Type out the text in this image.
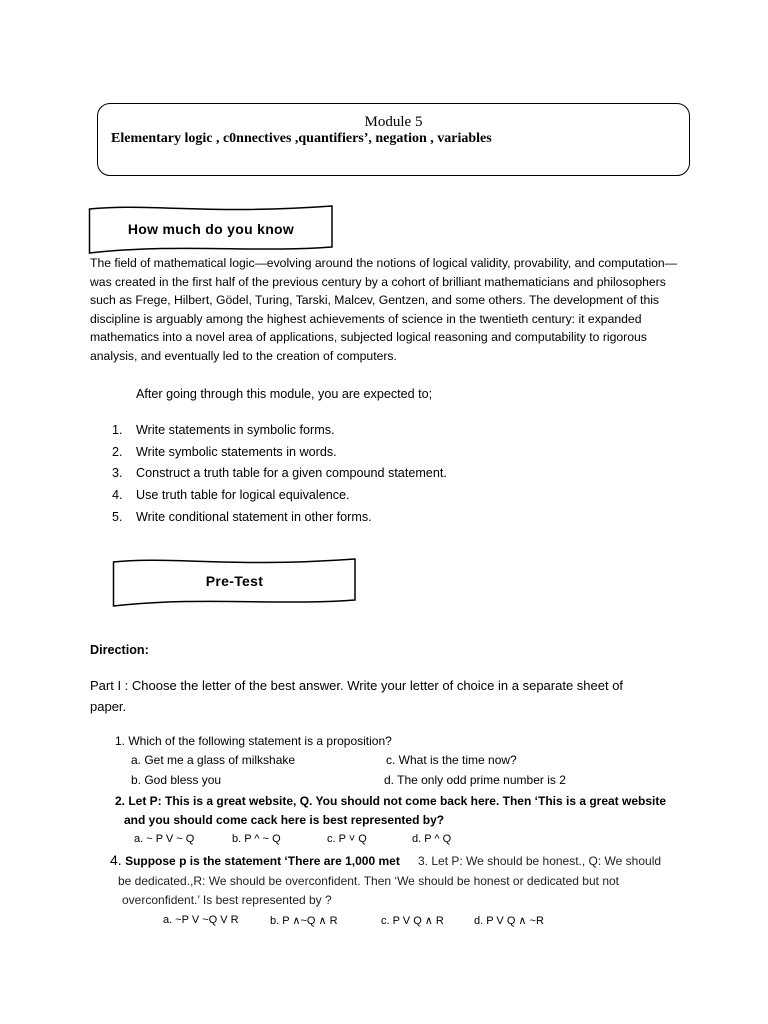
Module 5
Elementary logic , c0nnectives ,quantifiers’, negation , variables
How much do you know
The field of mathematical logic—evolving around the notions of logical validity, provability, and computation—was created in the first half of the previous century by a cohort of brilliant mathematicians and philosophers such as Frege, Hilbert, Gödel, Turing, Tarski, Malcev, Gentzen, and some others. The development of this discipline is arguably among the highest achievements of science in the twentieth century: it expanded mathematics into a novel area of applications, subjected logical reasoning and computability to rigorous analysis, and eventually led to the creation of computers.
After going through this module, you are expected to;
1. Write statements in symbolic forms.
2. Write symbolic statements in words.
3. Construct a truth table for a given compound statement.
4. Use truth table for logical equivalence.
5. Write conditional statement in other forms.
Pre-Test
Direction:
Part I : Choose the letter of the best answer. Write your letter of choice in a separate sheet of
paper.
1. Which of the following statement is a proposition?
a. Get me a glass of milkshake	c. What is the time now?
b. God bless you	d. The only odd prime number is 2
2. Let P: This is a great website, Q. You should not come back here. Then ‘This is a great website
and you should come cack here is best represented by?
a. ~ P V ~ Q	b. P ^ ~ Q	c. P ˅ Q	d. P ^ Q
4. Suppose p is the statement ‘There are 1,000 met 3. Let P: We should be honest., Q: We should
be dedicated.,R: We should be overconfident. Then ‘We should be honest or dedicated but not
overconfident.’ Is best represented by ?
a. ~P V ~Q V R	b. P ∧~Q ∧ R	c. P V Q ∧ R	d. P V Q ∧ ~R
